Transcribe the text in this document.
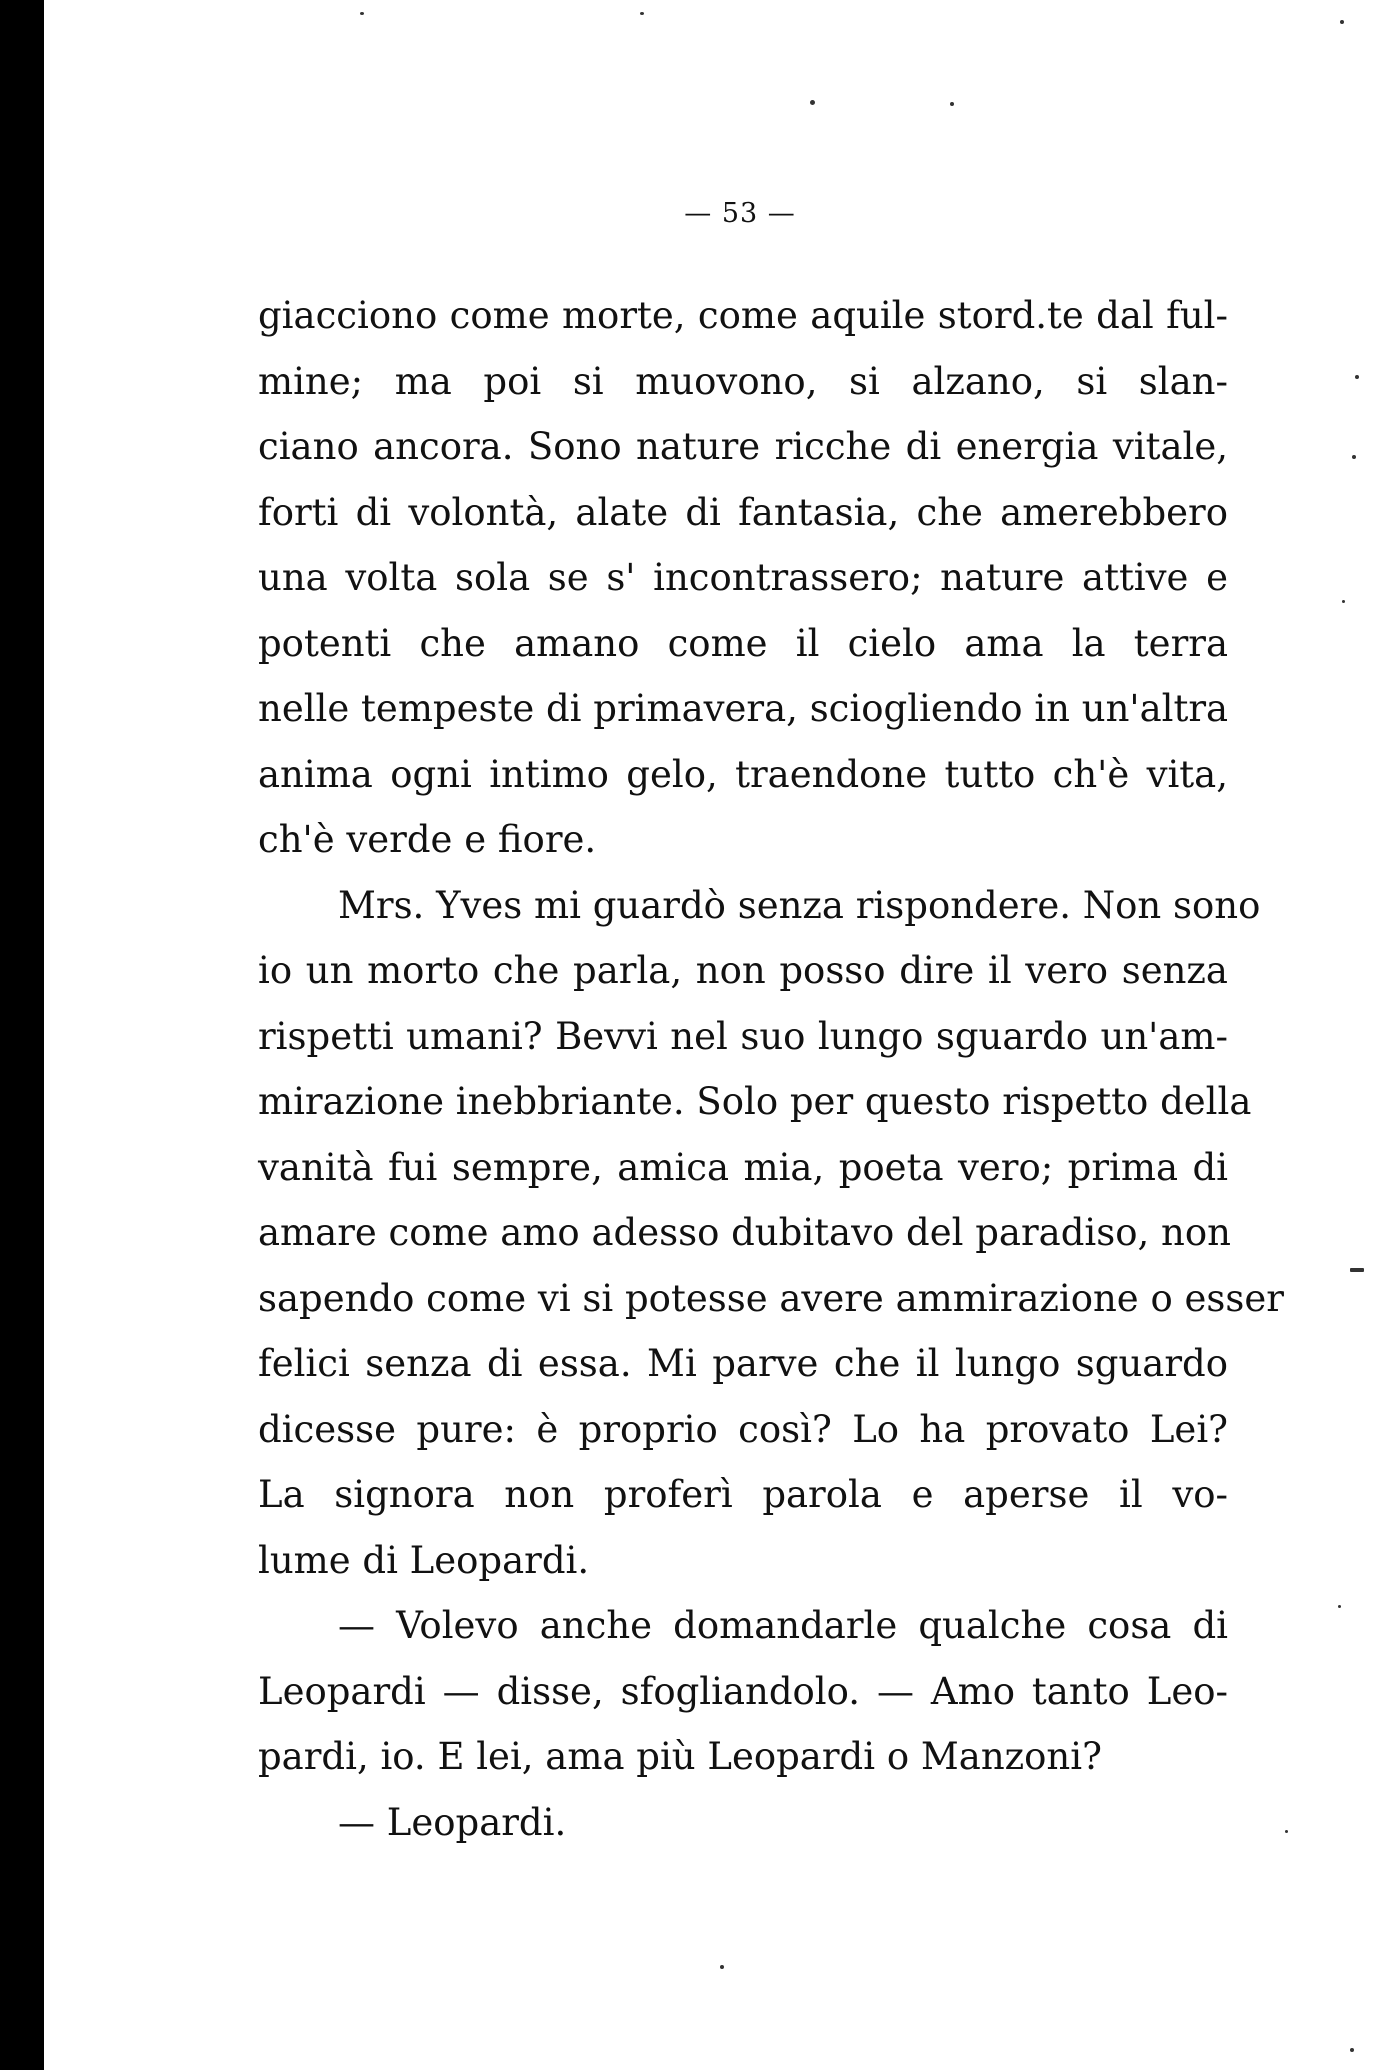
— 53 —
giacciono come morte, come aquile stord.te dal ful-
mine; ma poi si muovono, si alzano, si slan-
ciano ancora. Sono nature ricche di energia vitale,
forti di volontà, alate di fantasia, che amerebbero
una volta sola se s' incontrassero; nature attive e
potenti che amano come il cielo ama la terra
nelle tempeste di primavera, sciogliendo in un'altra
anima ogni intimo gelo, traendone tutto ch'è vita,
ch'è verde e fiore.
Mrs. Yves mi guardò senza rispondere. Non sono
io un morto che parla, non posso dire il vero senza
rispetti umani? Bevvi nel suo lungo sguardo un'am-
mirazione inebbriante. Solo per questo rispetto della
vanità fui sempre, amica mia, poeta vero; prima di
amare come amo adesso dubitavo del paradiso, non
sapendo come vi si potesse avere ammirazione o esser
felici senza di essa. Mi parve che il lungo sguardo
dicesse pure: è proprio così? Lo ha provato Lei?
La signora non proferì parola e aperse il vo-
lume di Leopardi.
— Volevo anche domandarle qualche cosa di
Leopardi — disse, sfogliandolo. — Amo tanto Leo-
pardi, io. E lei, ama più Leopardi o Manzoni?
— Leopardi.
